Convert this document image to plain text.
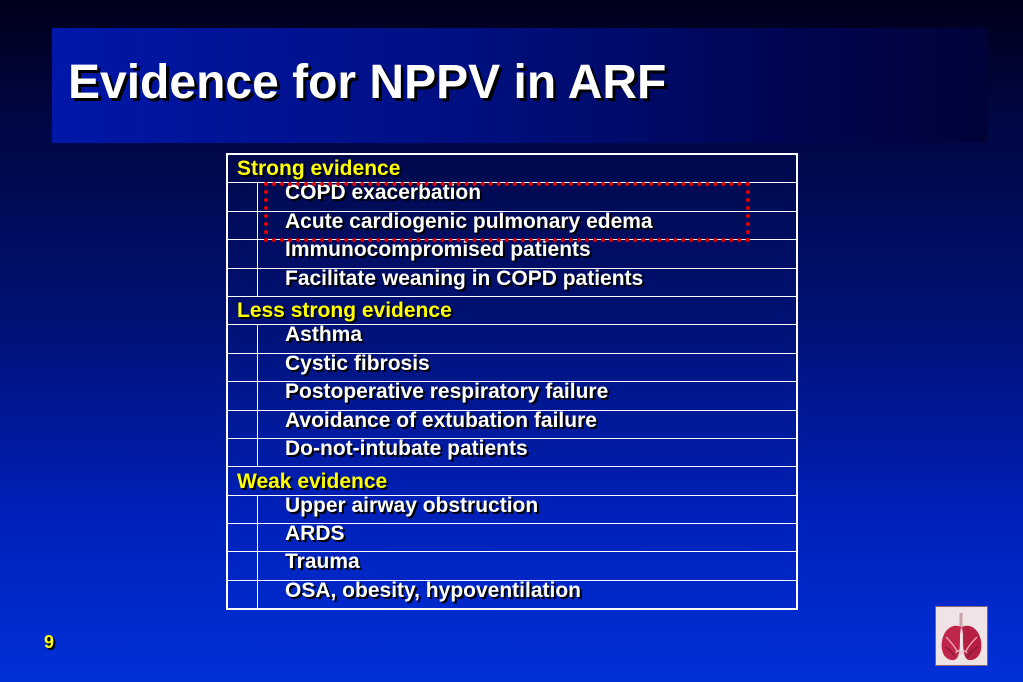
Evidence for NPPV in ARF
Strong evidence	
	COPD exacerbation
	Acute cardiogenic pulmonary edema
	Immunocompromised patients
	Facilitate weaning in COPD patients
Less strong evidence	
	Asthma
	Cystic fibrosis
	Postoperative respiratory failure
	Avoidance of extubation failure
	Do-not-intubate patients
Weak evidence	
	Upper airway obstruction
	ARDS
	Trauma
	OSA, obesity, hypoventilation
9
